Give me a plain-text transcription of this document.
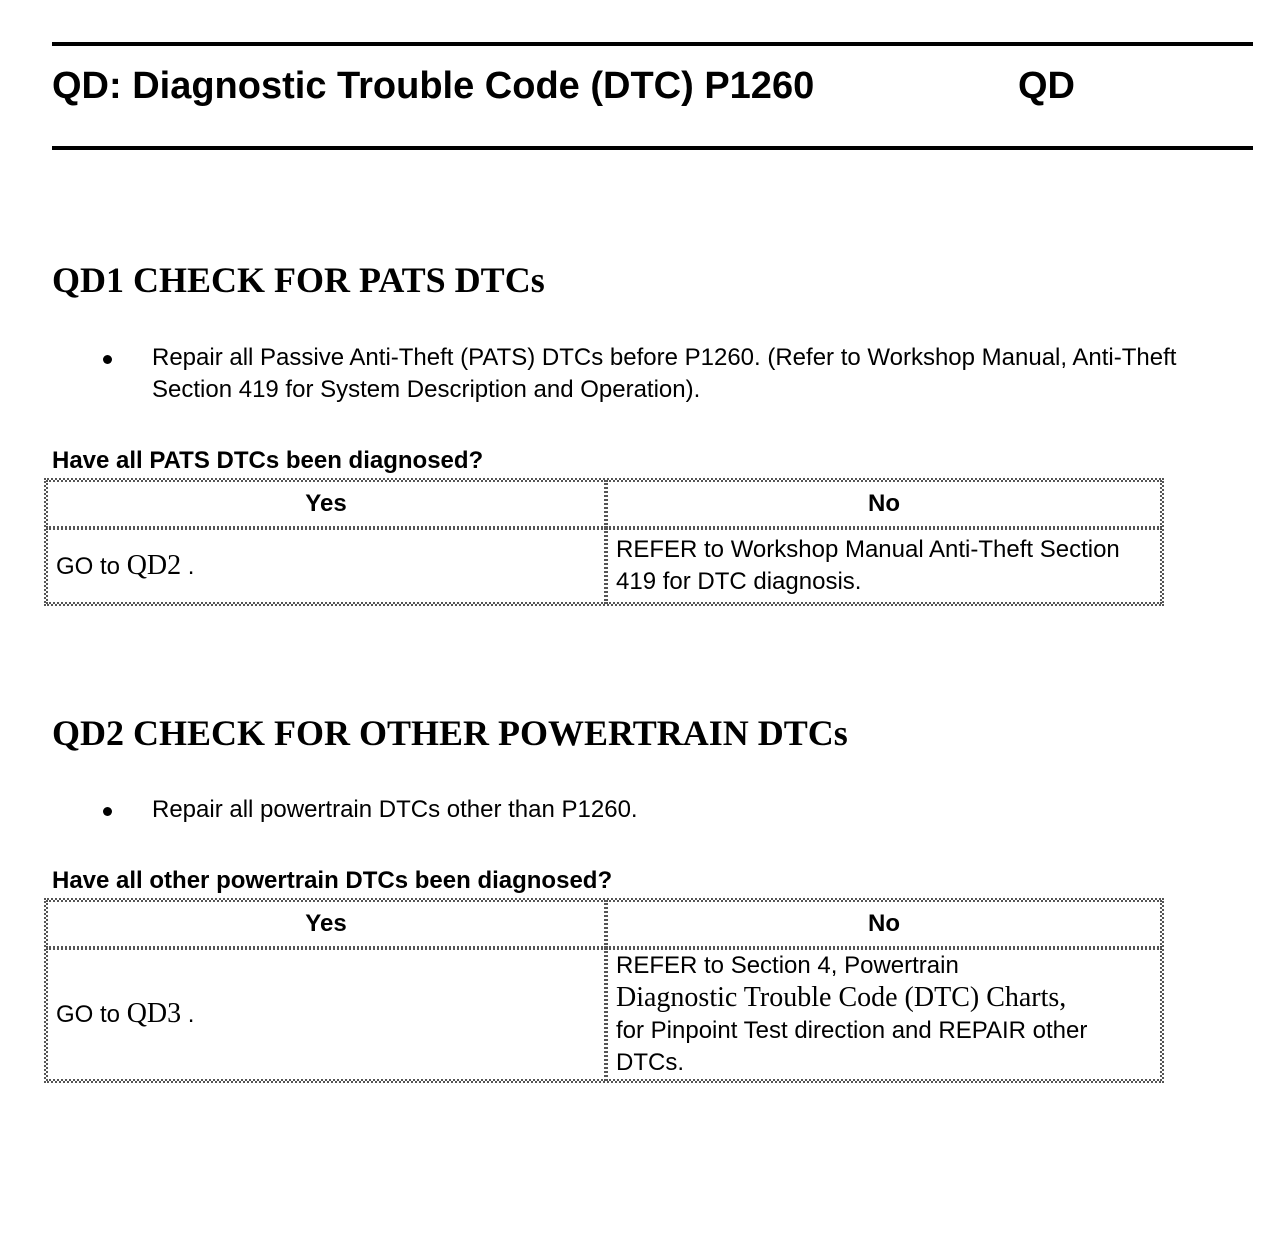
QD: Diagnostic Trouble Code (DTC) P1260	QD
QD1 CHECK FOR PATS DTCs
Repair all Passive Anti-Theft (PATS) DTCs before P1260. (Refer to Workshop Manual, Anti-Theft Section 419 for System Description and Operation).

Have all PATS DTCs been diagnosed?

Yes	No
GO to QD2 .	REFER to Workshop Manual Anti-Theft Section 419 for DTC diagnosis.
QD2 CHECK FOR OTHER POWERTRAIN DTCs
Repair all powertrain DTCs other than P1260.

Have all other powertrain DTCs been diagnosed?

Yes	No
GO to QD3 .	REFER to Section 4, Powertrain
Diagnostic Trouble Code (DTC) Charts,
for Pinpoint Test direction and REPAIR other DTCs.
